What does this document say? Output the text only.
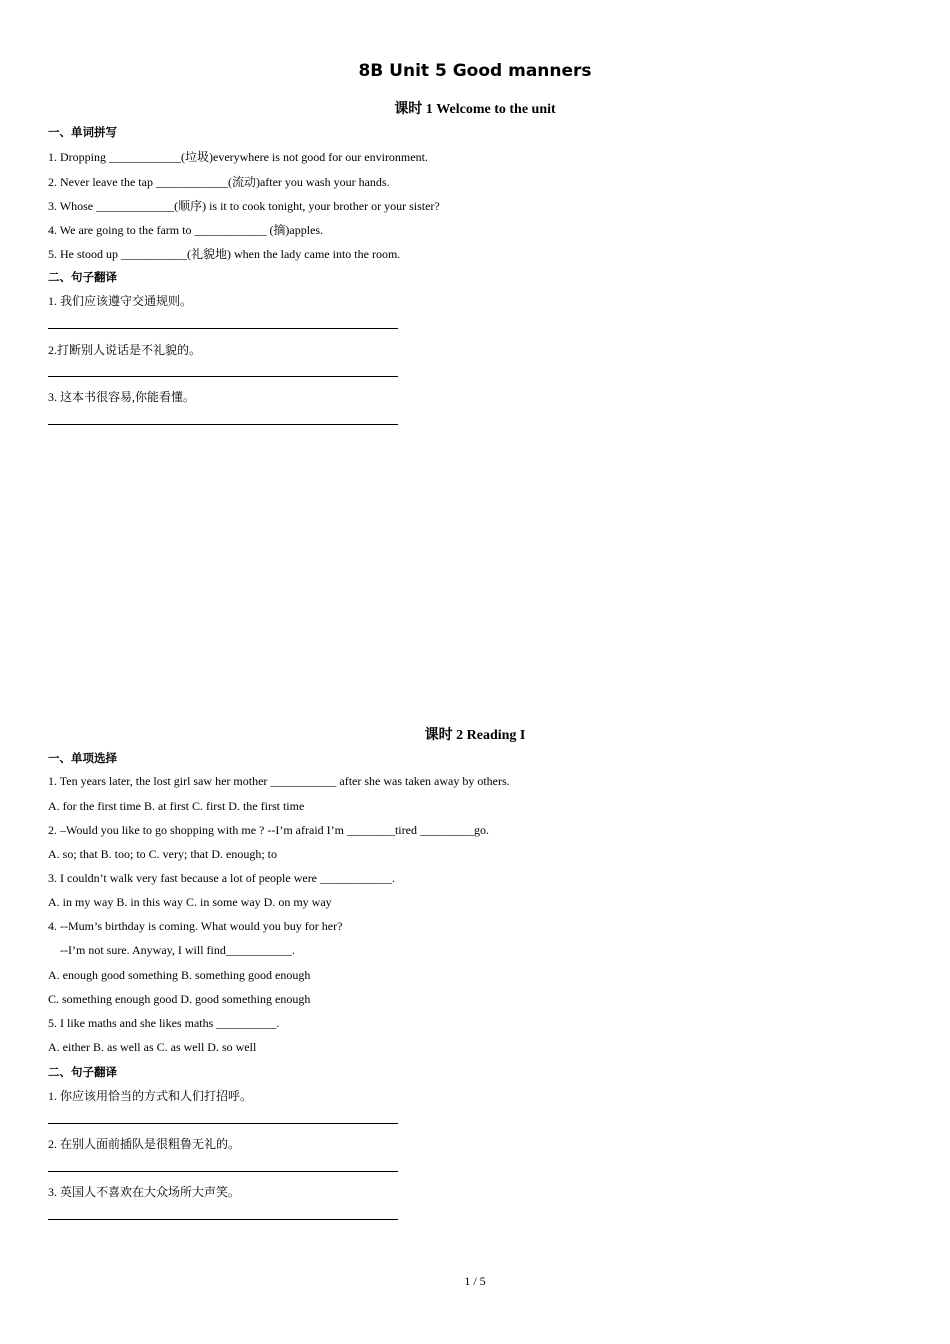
8B Unit 5 Good manners
课时 1 Welcome to the unit
一、单词拼写
1. Dropping ____________(垃圾)everywhere is not good for our environment.
2. Never leave the tap ____________(流动)after you wash your hands.
3. Whose _____________(顺序) is it to cook tonight, your brother or your sister?
4. We are going to the farm to ____________ (摘)apples.
5. He stood up ___________(礼貌地) when the lady came into the room.
二、句子翻译
1. 我们应该遵守交通规则。
2.打断别人说话是不礼貌的。
3. 这本书很容易,你能看懂。
课时 2 Reading I
一、单项选择
1. Ten years later, the lost girl saw her mother ___________ after she was taken away by others.
A. for the first time B. at first C. first D. the first time
2. –Would you like to go shopping with me ? --I’m afraid I’m ________tired _________go.
A. so; that B. too; to C. very; that D. enough; to
3. I couldn’t walk very fast because a lot of people were ____________.
A. in my way B. in this way C. in some way D. on my way
4. --Mum’s birthday is coming. What would you buy for her?
--I’m not sure. Anyway, I will find___________.
A. enough good something B. something good enough
C. something enough good D. good something enough
5. I like maths and she likes maths __________.
A. either B. as well as C. as well D. so well
二、句子翻译
1. 你应该用恰当的方式和人们打招呼。
2. 在别人面前插队是很粗鲁无礼的。
3. 英国人不喜欢在大众场所大声笑。
1 / 5
